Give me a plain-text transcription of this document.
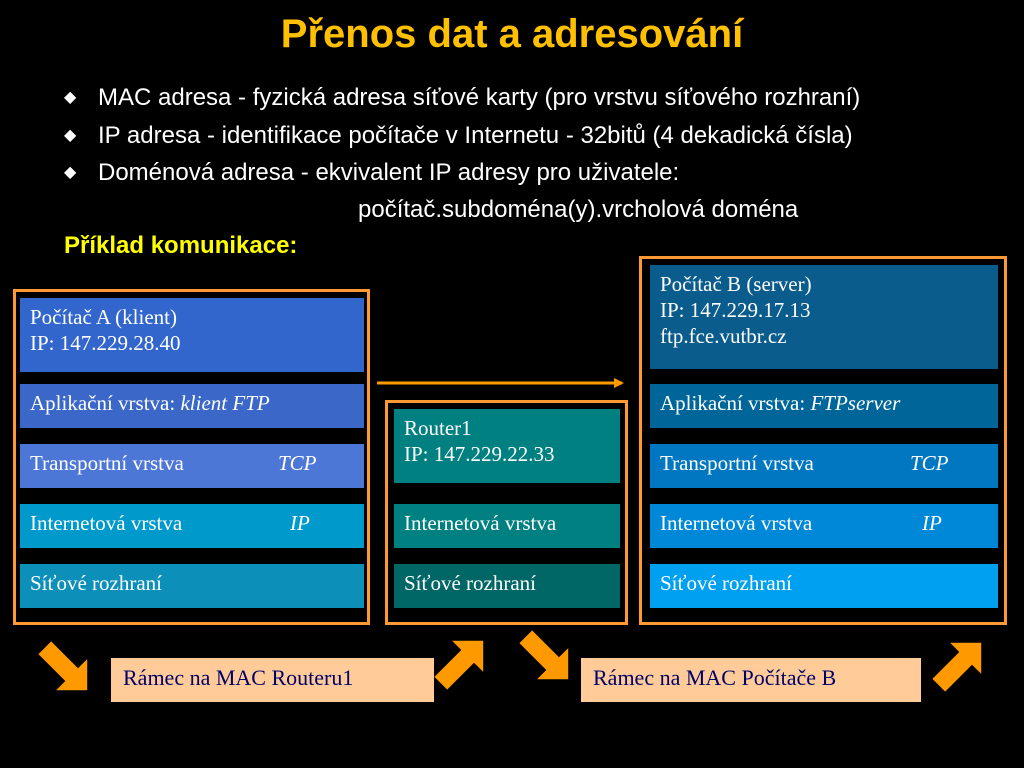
Přenos dat a adresování
◆ MAC adresa - fyzická adresa síťové karty (pro vrstvu síťového rozhraní)
◆ IP adresa - identifikace počítače v Internetu - 32bitů (4 dekadická čísla)
◆ Doménová adresa - ekvivalent IP adresy pro uživatele:
počítač.subdoména(y).vrcholová doména
Příklad komunikace:
Počítač A (klient)
IP: 147.229.28.40
Aplikační vrstva: klient FTP
Transportní vrstva	TCP
Internetová vrstva	IP
Síťové rozhraní
Router1
IP: 147.229.22.33
Internetová vrstva
Síťové rozhraní
Počítač B (server)
IP: 147.229.17.13
ftp.fce.vutbr.cz
Aplikační vrstva: FTPserver
Transportní vrstva	TCP
Internetová vrstva	IP
Síťové rozhraní
Rámec na MAC Routeru1	Rámec na MAC Počítače B
